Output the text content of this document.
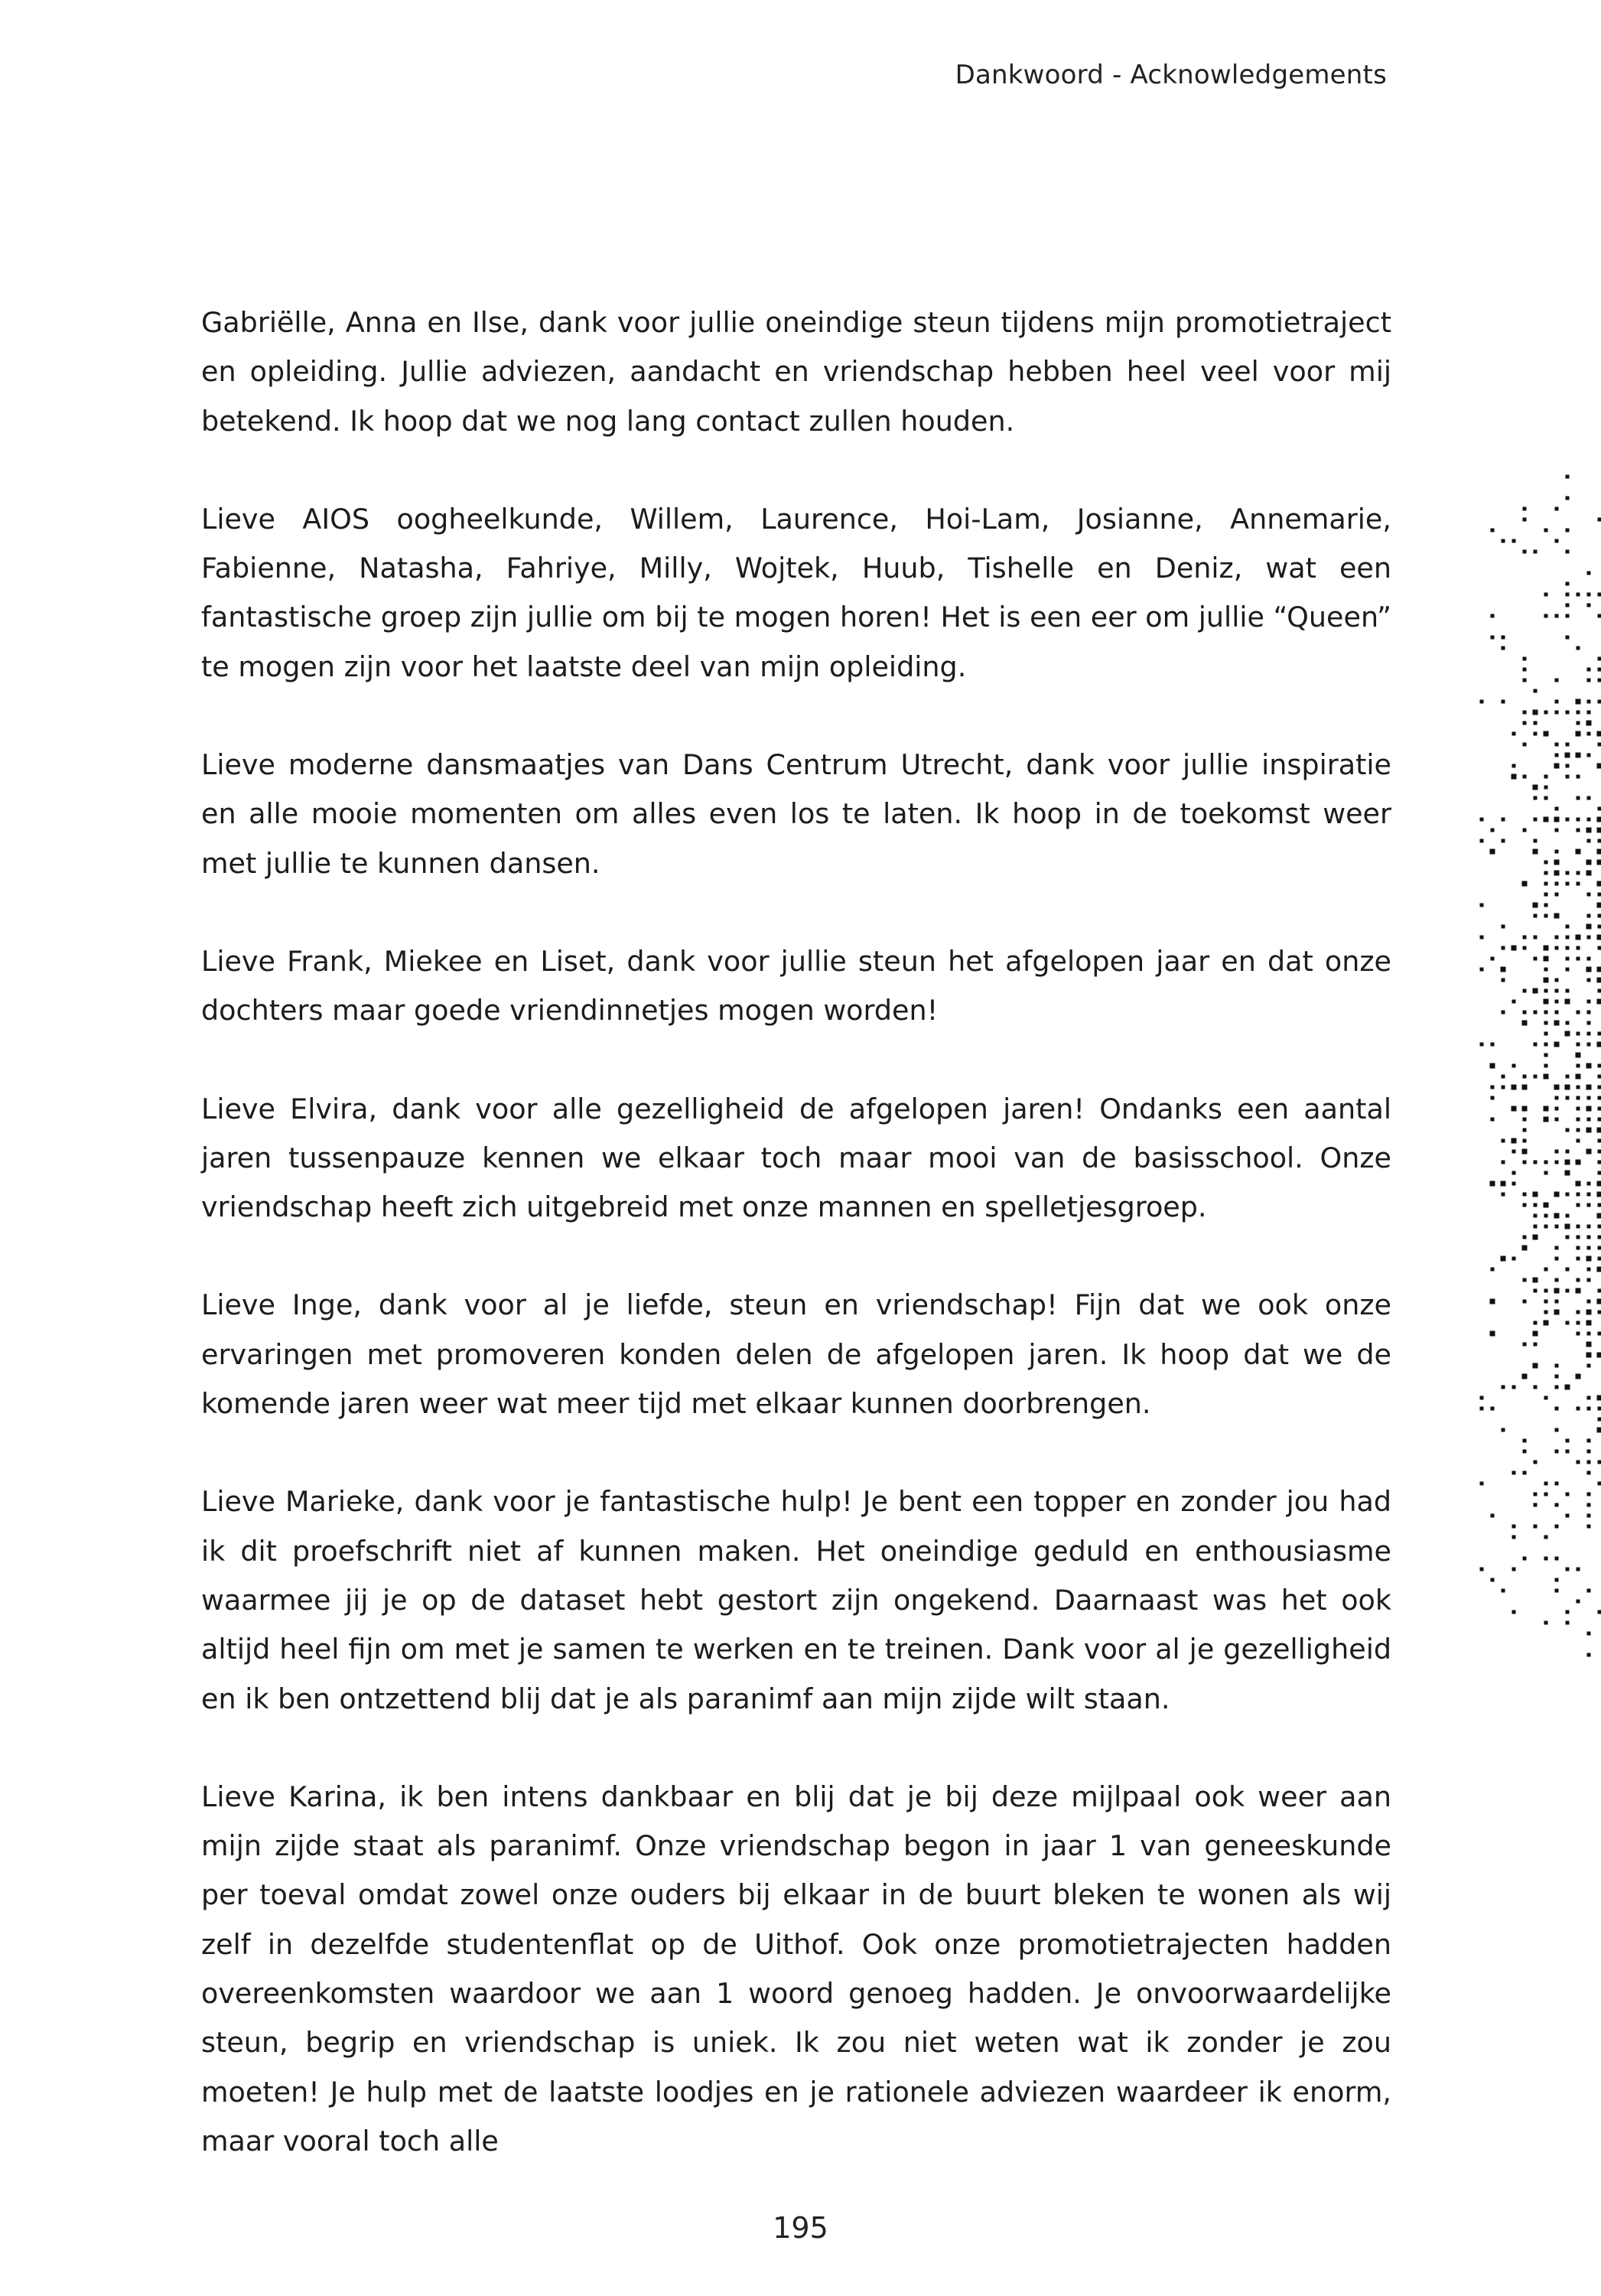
Dankwoord - Acknowledgements

Gabriëlle, Anna en Ilse, dank voor jullie oneindige steun tijdens mijn promotietraject en opleiding. Jullie adviezen, aandacht en vriendschap hebben heel veel voor mij betekend. Ik hoop dat we nog lang contact zullen houden.

Lieve AIOS oogheelkunde, Willem, Laurence, Hoi-Lam, Josianne, Annemarie, Fabienne, Natasha, Fahriye, Milly, Wojtek, Huub, Tishelle en Deniz, wat een fantastische groep zijn jullie om bij te mogen horen! Het is een eer om jullie “Queen” te mogen zijn voor het laatste deel van mijn opleiding.

Lieve moderne dansmaatjes van Dans Centrum Utrecht, dank voor jullie inspiratie en alle mooie momenten om alles even los te laten. Ik hoop in de toekomst weer met jullie te kunnen dansen.

Lieve Frank, Miekee en Liset, dank voor jullie steun het afgelopen jaar en dat onze dochters maar goede vriendinnetjes mogen worden!

Lieve Elvira, dank voor alle gezelligheid de afgelopen jaren! Ondanks een aantal jaren tussenpauze kennen we elkaar toch maar mooi van de basisschool. Onze vriendschap heeft zich uitgebreid met onze mannen en spelletjesgroep.

Lieve Inge, dank voor al je liefde, steun en vriendschap! Fijn dat we ook onze ervaringen met promoveren konden delen de afgelopen jaren. Ik hoop dat we de komende jaren weer wat meer tijd met elkaar kunnen doorbrengen.

Lieve Marieke, dank voor je fantastische hulp! Je bent een topper en zonder jou had ik dit proefschrift niet af kunnen maken. Het oneindige geduld en enthousiasme waarmee jij je op de dataset hebt gestort zijn ongekend. Daarnaast was het ook altijd heel fijn om met je samen te werken en te treinen. Dank voor al je gezelligheid en ik ben ontzettend blij dat je als paranimf aan mijn zijde wilt staan.

Lieve Karina, ik ben intens dankbaar en blij dat je bij deze mijlpaal ook weer aan mijn zijde staat als paranimf. Onze vriendschap begon in jaar 1 van geneeskunde per toeval omdat zowel onze ouders bij elkaar in de buurt bleken te wonen als wij zelf in dezelfde studentenflat op de Uithof. Ook onze promotietrajecten hadden overeenkomsten waardoor we aan 1 woord genoeg hadden. Je onvoorwaardelijke steun, begrip en vriendschap is uniek. Ik zou niet weten wat ik zonder je zou moeten! Je hulp met de laatste loodjes en je rationele adviezen waardeer ik enorm, maar vooral toch alle

195
